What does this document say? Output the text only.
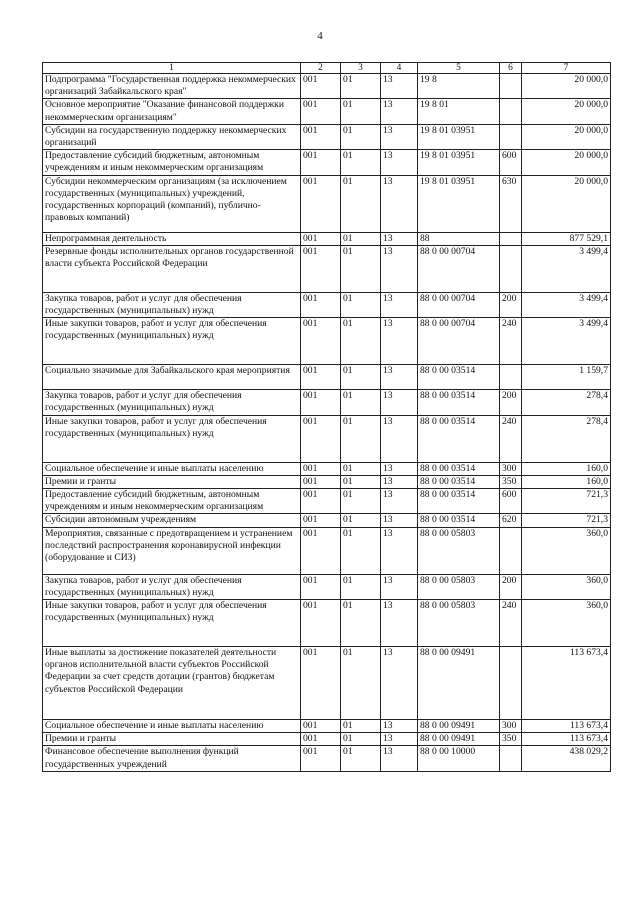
4
1	2	3	4	5	6	7
Подпрограмма "Государственная поддержка некоммерческих организаций Забайкальского края"	001	01	13	19 8		20 000,0
Основное мероприятие "Оказание финансовой поддержки некоммерческим организациям"	001	01	13	19 8 01		20 000,0
Субсидии на государственную поддержку некоммерческих организаций	001	01	13	19 8 01 03951		20 000,0
Предоставление субсидий бюджетным, автономным учреждениям и иным некоммерческим организациям	001	01	13	19 8 01 03951	600	20 000,0
Субсидии некоммерческим организациям (за исключением государственных (муниципальных) учреждений, государственных корпораций (компаний), публично-правовых компаний)	001	01	13	19 8 01 03951	630	20 000,0
Непрограммная деятельность	001	01	13	88		877 529,1
Резервные фонды исполнительных органов государственной власти субъекта Российской Федерации	001	01	13	88 0 00 00704		3 499,4
Закупка товаров, работ и услуг для обеспечения государственных (муниципальных) нужд	001	01	13	88 0 00 00704	200	3 499,4
Иные закупки товаров, работ и услуг для обеспечения государственных (муниципальных) нужд	001	01	13	88 0 00 00704	240	3 499,4
Социально значимые для Забайкальского края мероприятия	001	01	13	88 0 00 03514		1 159,7
Закупка товаров, работ и услуг для обеспечения государственных (муниципальных) нужд	001	01	13	88 0 00 03514	200	278,4
Иные закупки товаров, работ и услуг для обеспечения государственных (муниципальных) нужд	001	01	13	88 0 00 03514	240	278,4
Социальное обеспечение и иные выплаты населению	001	01	13	88 0 00 03514	300	160,0
Премии и гранты	001	01	13	88 0 00 03514	350	160,0
Предоставление субсидий бюджетным, автономным учреждениям и иным некоммерческим организациям	001	01	13	88 0 00 03514	600	721,3
Субсидии автономным учреждениям	001	01	13	88 0 00 03514	620	721,3
Мероприятия, связанные с предотвращением и устранением последствий распространения коронавирусной инфекции (оборудование и СИЗ)	001	01	13	88 0 00 05803		360,0
Закупка товаров, работ и услуг для обеспечения государственных (муниципальных) нужд	001	01	13	88 0 00 05803	200	360,0
Иные закупки товаров, работ и услуг для обеспечения государственных (муниципальных) нужд	001	01	13	88 0 00 05803	240	360,0
Иные выплаты за достижение показателей деятельности органов исполнительной власти субъектов Российской Федерации за счет средств дотации (грантов) бюджетам субъектов Российской Федерации	001	01	13	88 0 00 09491		113 673,4
Социальное обеспечение и иные выплаты населению	001	01	13	88 0 00 09491	300	113 673,4
Премии и гранты	001	01	13	88 0 00 09491	350	113 673,4
Финансовое обеспечение выполнения функций государственных учреждений	001	01	13	88 0 00 10000		438 029,2
